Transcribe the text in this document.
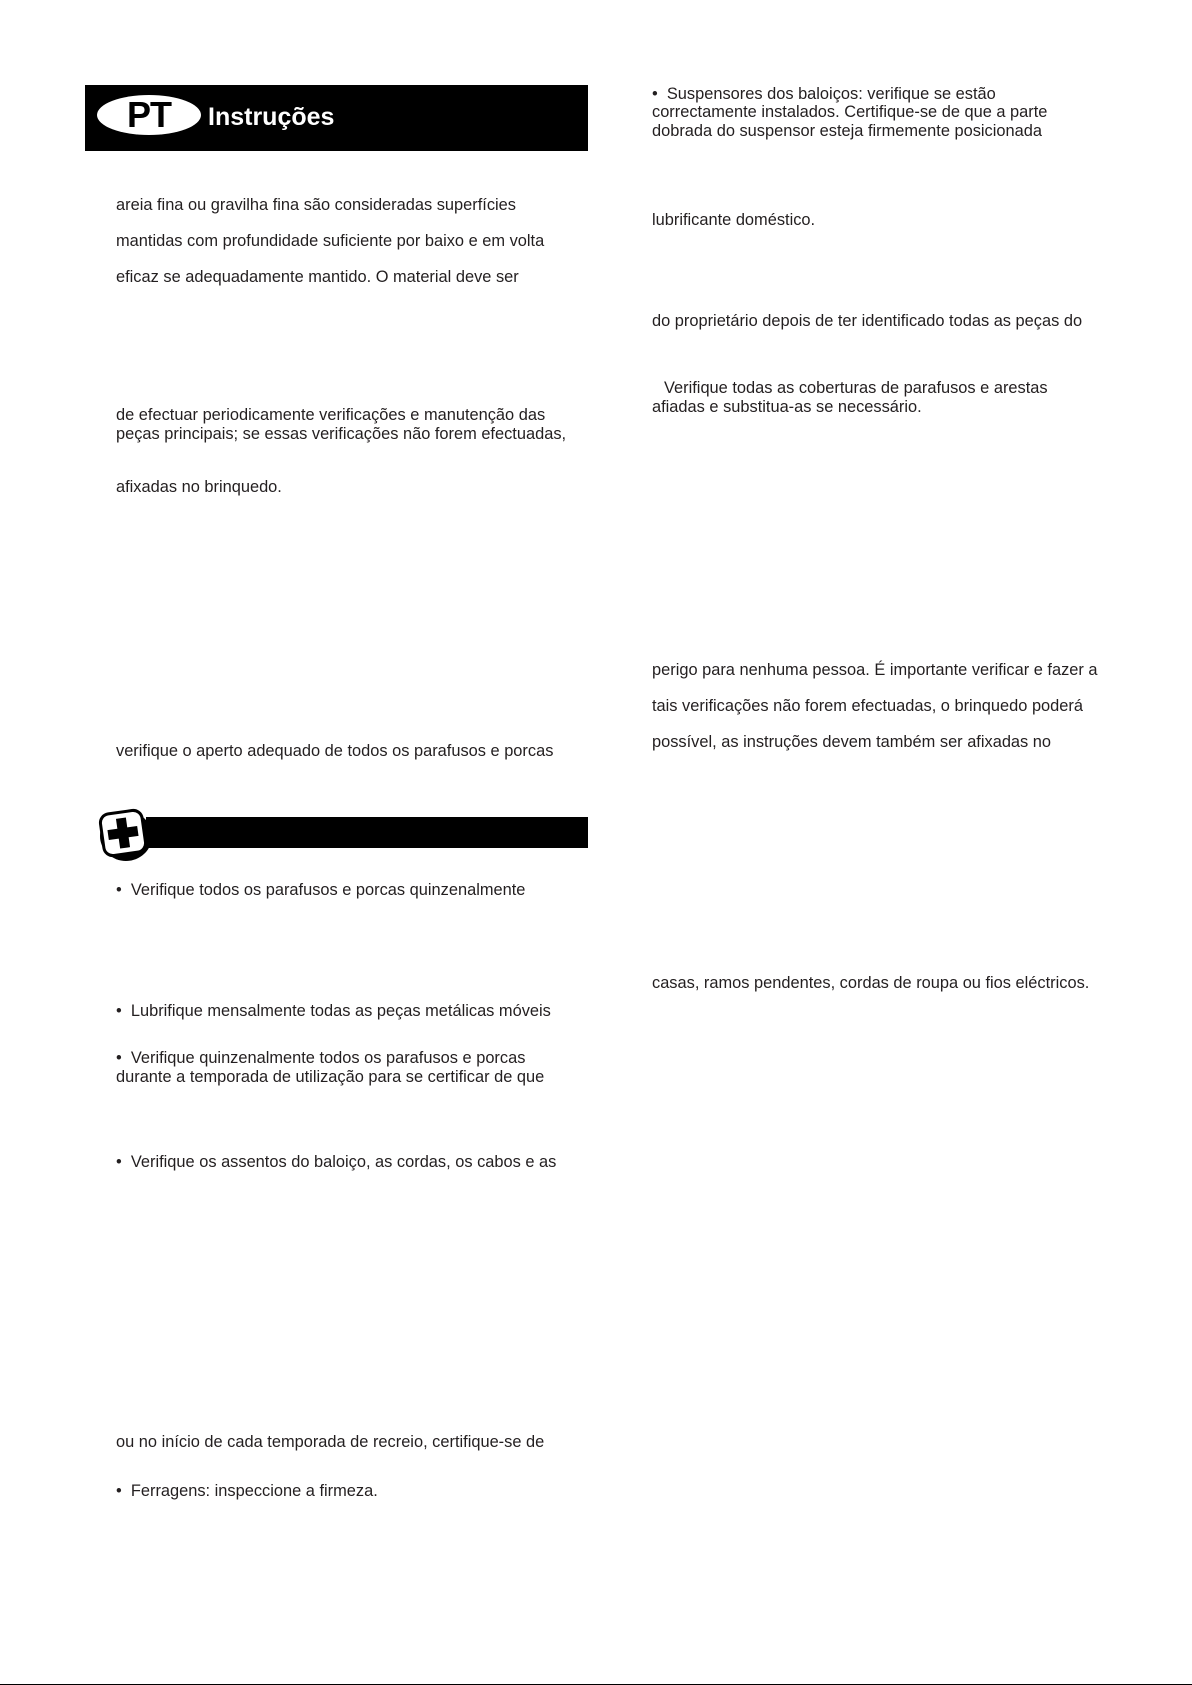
PT Instruções
areia fina ou gravilha fina são consideradas superfícies
mantidas com profundidade suficiente por baixo e em volta
eficaz se adequadamente mantido. O material deve ser
de efectuar periodicamente verificações e manutenção das
peças principais; se essas verificações não forem efectuadas,
afixadas no brinquedo.
verifique o aperto adequado de todos os parafusos e porcas
• Verifique todos os parafusos e porcas quinzenalmente
• Lubrifique mensalmente todas as peças metálicas móveis
• Verifique quinzenalmente todos os parafusos e porcas
durante a temporada de utilização para se certificar de que
• Verifique os assentos do baloiço, as cordas, os cabos e as
ou no início de cada temporada de recreio, certifique-se de
• Ferragens: inspeccione a firmeza.
• Suspensores dos baloiços: verifique se estão
correctamente instalados. Certifique-se de que a parte
dobrada do suspensor esteja firmemente posicionada
lubrificante doméstico.
do proprietário depois de ter identificado todas as peças do
Verifique todas as coberturas de parafusos e arestas
afiadas e substitua-as se necessário.
perigo para nenhuma pessoa. É importante verificar e fazer a
tais verificações não forem efectuadas, o brinquedo poderá
possível, as instruções devem também ser afixadas no
casas, ramos pendentes, cordas de roupa ou fios eléctricos.
